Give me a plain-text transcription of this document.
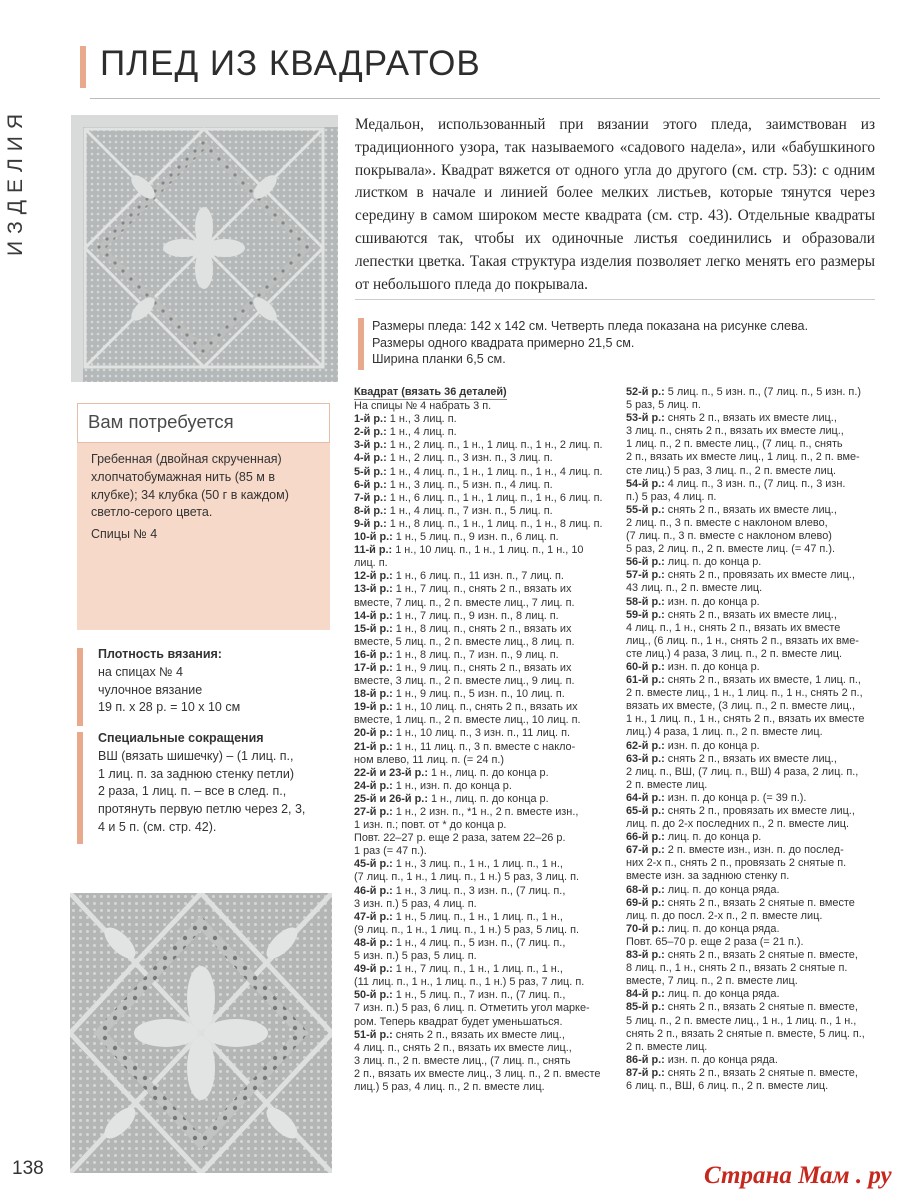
ИЗДЕЛИЯ
138
ПЛЕД ИЗ КВАДРАТОВ

Медальон, использованный при вязании этого пледа, заимствован из традиционного узора, так называемого «садового надела», или «бабушкиного покрывала». Квадрат вяжется от одного угла до другого (см. стр. 53): с одним листком в начале и линией более мелких листьев, которые тянутся через середину в самом широком месте квадрата (см. стр. 43). Отдельные квадраты сшиваются так, чтобы их одиночные листья соединились и образовали лепестки цветка. Такая структура изделия позволяет легко менять его размеры от небольшого пледа до покрывала.

Размеры пледа: 142 х 142 см. Четверть пледа показана на рисунке слева.
Размеры одного квадрата примерно 21,5 см.
Ширина планки 6,5 см.
Вам потребуется
Гребенная (двойная скрученная) хлопчатобумажная нить (85 м в клубке); 34 клубка (50 г в каждом) светло-серого цвета.
Спицы № 4
Плотность вязания:
на спицах № 4
чулочное вязание
19 п. х 28 р. = 10 х 10 см
Специальные сокращения
ВШ (вязать шишечку) – (1 лиц. п.,
1 лиц. п. за заднюю стенку петли)
2 раза, 1 лиц. п. – все в след. п.,
протянуть первую петлю через 2, 3,
4 и 5 п. (см. стр. 42).
Квадрат (вязать 36 деталей)
На спицы № 4 набрать 3 п.
1-й р.: 1 н., 3 лиц. п.
2-й р.: 1 н., 4 лиц. п.
3-й р.: 1 н., 2 лиц. п., 1 н., 1 лиц. п., 1 н., 2 лиц. п.
4-й р.: 1 н., 2 лиц. п., 3 изн. п., 3 лиц. п.
5-й р.: 1 н., 4 лиц. п., 1 н., 1 лиц. п., 1 н., 4 лиц. п.
6-й р.: 1 н., 3 лиц. п., 5 изн. п., 4 лиц. п.
7-й р.: 1 н., 6 лиц. п., 1 н., 1 лиц. п., 1 н., 6 лиц. п.
8-й р.: 1 н., 4 лиц. п., 7 изн. п., 5 лиц. п.
9-й р.: 1 н., 8 лиц. п., 1 н., 1 лиц. п., 1 н., 8 лиц. п.
10-й р.: 1 н., 5 лиц. п., 9 изн. п., 6 лиц. п.
11-й р.: 1 н., 10 лиц. п., 1 н., 1 лиц. п., 1 н., 10
лиц. п.
12-й р.: 1 н., 6 лиц. п., 11 изн. п., 7 лиц. п.
13-й р.: 1 н., 7 лиц. п., снять 2 п., вязать их
вместе, 7 лиц. п., 2 п. вместе лиц., 7 лиц. п.
14-й р.: 1 н., 7 лиц. п., 9 изн. п., 8 лиц. п.
15-й р.: 1 н., 8 лиц. п., снять 2 п., вязать их
вместе, 5 лиц. п., 2 п. вместе лиц., 8 лиц. п.
16-й р.: 1 н., 8 лиц. п., 7 изн. п., 9 лиц. п.
17-й р.: 1 н., 9 лиц. п., снять 2 п., вязать их
вместе, 3 лиц. п., 2 п. вместе лиц., 9 лиц. п.
18-й р.: 1 н., 9 лиц. п., 5 изн. п., 10 лиц. п.
19-й р.: 1 н., 10 лиц. п., снять 2 п., вязать их
вместе, 1 лиц. п., 2 п. вместе лиц., 10 лиц. п.
20-й р.: 1 н., 10 лиц. п., 3 изн. п., 11 лиц. п.
21-й р.: 1 н., 11 лиц. п., 3 п. вместе с накло-
ном влево, 11 лиц. п. (= 24 п.)
22-й и 23-й р.: 1 н., лиц. п. до конца р.
24-й р.: 1 н., изн. п. до конца р.
25-й и 26-й р.: 1 н., лиц. п. до конца р.
27-й р.: 1 н., 2 изн. п., *1 н., 2 п. вместе изн.,
1 изн. п.; повт. от * до конца р.
Повт. 22–27 р. еще 2 раза, затем 22–26 р.
1 раз (= 47 п.).
45-й р.: 1 н., 3 лиц. п., 1 н., 1 лиц. п., 1 н.,
(7 лиц. п., 1 н., 1 лиц. п., 1 н.) 5 раз, 3 лиц. п.
46-й р.: 1 н., 3 лиц. п., 3 изн. п., (7 лиц. п.,
3 изн. п.) 5 раз, 4 лиц. п.
47-й р.: 1 н., 5 лиц. п., 1 н., 1 лиц. п., 1 н.,
(9 лиц. п., 1 н., 1 лиц. п., 1 н.) 5 раз, 5 лиц. п.
48-й р.: 1 н., 4 лиц. п., 5 изн. п., (7 лиц. п.,
5 изн. п.) 5 раз, 5 лиц. п.
49-й р.: 1 н., 7 лиц. п., 1 н., 1 лиц. п., 1 н.,
(11 лиц. п., 1 н., 1 лиц. п., 1 н.) 5 раз, 7 лиц. п.
50-й р.: 1 н., 5 лиц. п., 7 изн. п., (7 лиц. п.,
7 изн. п.) 5 раз, 6 лиц. п. Отметить угол марке-
ром. Теперь квадрат будет уменьшаться.
51-й р.: снять 2 п., вязать их вместе лиц.,
4 лиц. п., снять 2 п., вязать их вместе лиц.,
3 лиц. п., 2 п. вместе лиц., (7 лиц. п., снять
2 п., вязать их вместе лиц., 3 лиц. п., 2 п. вместе
лиц.) 5 раз, 4 лиц. п., 2 п. вместе лиц.
52-й р.: 5 лиц. п., 5 изн. п., (7 лиц. п., 5 изн. п.)
5 раз, 5 лиц. п.
53-й р.: снять 2 п., вязать их вместе лиц.,
3 лиц. п., снять 2 п., вязать их вместе лиц.,
1 лиц. п., 2 п. вместе лиц., (7 лиц. п., снять
2 п., вязать их вместе лиц., 1 лиц. п., 2 п. вме-
сте лиц.) 5 раз, 3 лиц. п., 2 п. вместе лиц.
54-й р.: 4 лиц. п., 3 изн. п., (7 лиц. п., 3 изн.
п.) 5 раз, 4 лиц. п.
55-й р.: снять 2 п., вязать их вместе лиц.,
2 лиц. п., 3 п. вместе с наклоном влево,
(7 лиц. п., 3 п. вместе с наклоном влево)
5 раз, 2 лиц. п., 2 п. вместе лиц. (= 47 п.).
56-й р.: лиц. п. до конца р.
57-й р.: снять 2 п., провязать их вместе лиц.,
43 лиц. п., 2 п. вместе лиц.
58-й р.: изн. п. до конца р.
59-й р.: снять 2 п., вязать их вместе лиц.,
4 лиц. п., 1 н., снять 2 п., вязать их вместе
лиц., (6 лиц. п., 1 н., снять 2 п., вязать их вме-
сте лиц.) 4 раза, 3 лиц. п., 2 п. вместе лиц.
60-й р.: изн. п. до конца р.
61-й р.: снять 2 п., вязать их вместе, 1 лиц. п.,
2 п. вместе лиц., 1 н., 1 лиц. п., 1 н., снять 2 п.,
вязать их вместе, (3 лиц. п., 2 п. вместе лиц.,
1 н., 1 лиц. п., 1 н., снять 2 п., вязать их вместе
лиц.) 4 раза, 1 лиц. п., 2 п. вместе лиц.
62-й р.: изн. п. до конца р.
63-й р.: снять 2 п., вязать их вместе лиц.,
2 лиц. п., ВШ, (7 лиц. п., ВШ) 4 раза, 2 лиц. п.,
2 п. вместе лиц.
64-й р.: изн. п. до конца р. (= 39 п.).
65-й р.: снять 2 п., провязать их вместе лиц.,
лиц. п. до 2-х последних п., 2 п. вместе лиц.
66-й р.: лиц. п. до конца р.
67-й р.: 2 п. вместе изн., изн. п. до послед-
них 2-х п., снять 2 п., провязать 2 снятые п.
вместе изн. за заднюю стенку п.
68-й р.: лиц. п. до конца ряда.
69-й р.: снять 2 п., вязать 2 снятые п. вместе
лиц. п. до посл. 2-х п., 2 п. вместе лиц.
70-й р.: лиц. п. до конца ряда.
Повт. 65–70 р. еще 2 раза (= 21 п.).
83-й р.: снять 2 п., вязать 2 снятые п. вместе,
8 лиц. п., 1 н., снять 2 п., вязать 2 снятые п.
вместе, 7 лиц. п., 2 п. вместе лиц.
84-й р.: лиц. п. до конца ряда.
85-й р.: снять 2 п., вязать 2 снятые п. вместе,
5 лиц. п., 2 п. вместе лиц., 1 н., 1 лиц. п., 1 н.,
снять 2 п., вязать 2 снятые п. вместе, 5 лиц. п.,
2 п. вместе лиц.
86-й р.: изн. п. до конца ряда.
87-й р.: снять 2 п., вязать 2 снятые п. вместе,
6 лиц. п., ВШ, 6 лиц. п., 2 п. вместе лиц.
Страна Мам . ру
